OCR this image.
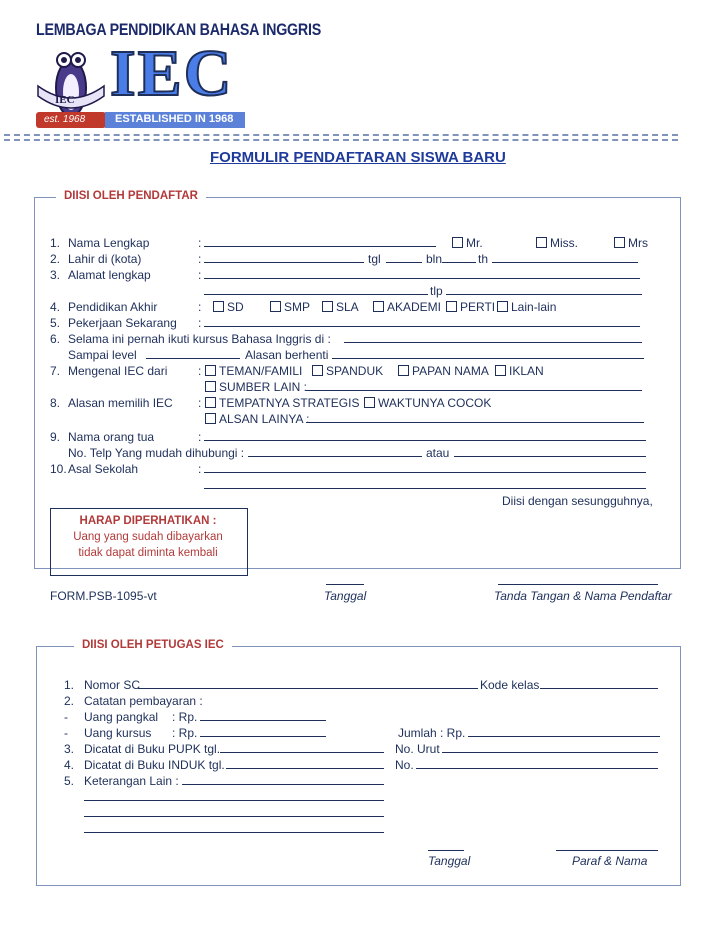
LEMBAGA PENDIDIKAN BAHASA INGGRIS
IEC
est. 1968
IEC
ESTABLISHED IN 1968
FORMULIR PENDAFTARAN SISWA BARU
DIISI OLEH PENDAFTAR
1. Nama Lengkap	:	Mr.	Miss.	Mrs
2. Lahir di (kota)	:	tgl	bln	th
3. Alamat lengkap	:
tlp
4. Pendidikan Akhir	:	SD	SMP	SLA	AKADEMI	PERTI	Lain-lain
5. Pekerjaan Sekarang :
6. Selama ini pernah ikuti kursus Bahasa Inggris di :
Sampai level	Alasan berhenti
7. Mengenal IEC dari	:	TEMAN/FAMILI	SPANDUK	PAPAN NAMA	IKLAN
SUMBER LAIN :
8. Alasan memilih IEC :	TEMPATNYA STRATEGIS	WAKTUNYA COCOK
ALSAN LAINYA :
9. Nama orang tua	:
No. Telp Yang mudah dihubungi :	atau
10. Asal Sekolah	:
Diisi dengan sesungguhnya,
HARAP DIPERHATIKAN :
Uang yang sudah dibayarkan
tidak dapat diminta kembali
FORM.PSB-1095-vt	Tanggal	Tanda Tangan & Nama Pendaftar
DIISI OLEH PETUGAS IEC
1. Nomor SC	Kode kelas
2. Catatan pembayaran :
- Uang pangkal : Rp.
- Uang kursus : Rp.	Jumlah : Rp.
3. Dicatat di Buku PUPK tgl.	No. Urut
4. Dicatat di Buku INDUK tgl.	No.
5. Keterangan Lain :
Tanggal	Paraf & Nama
